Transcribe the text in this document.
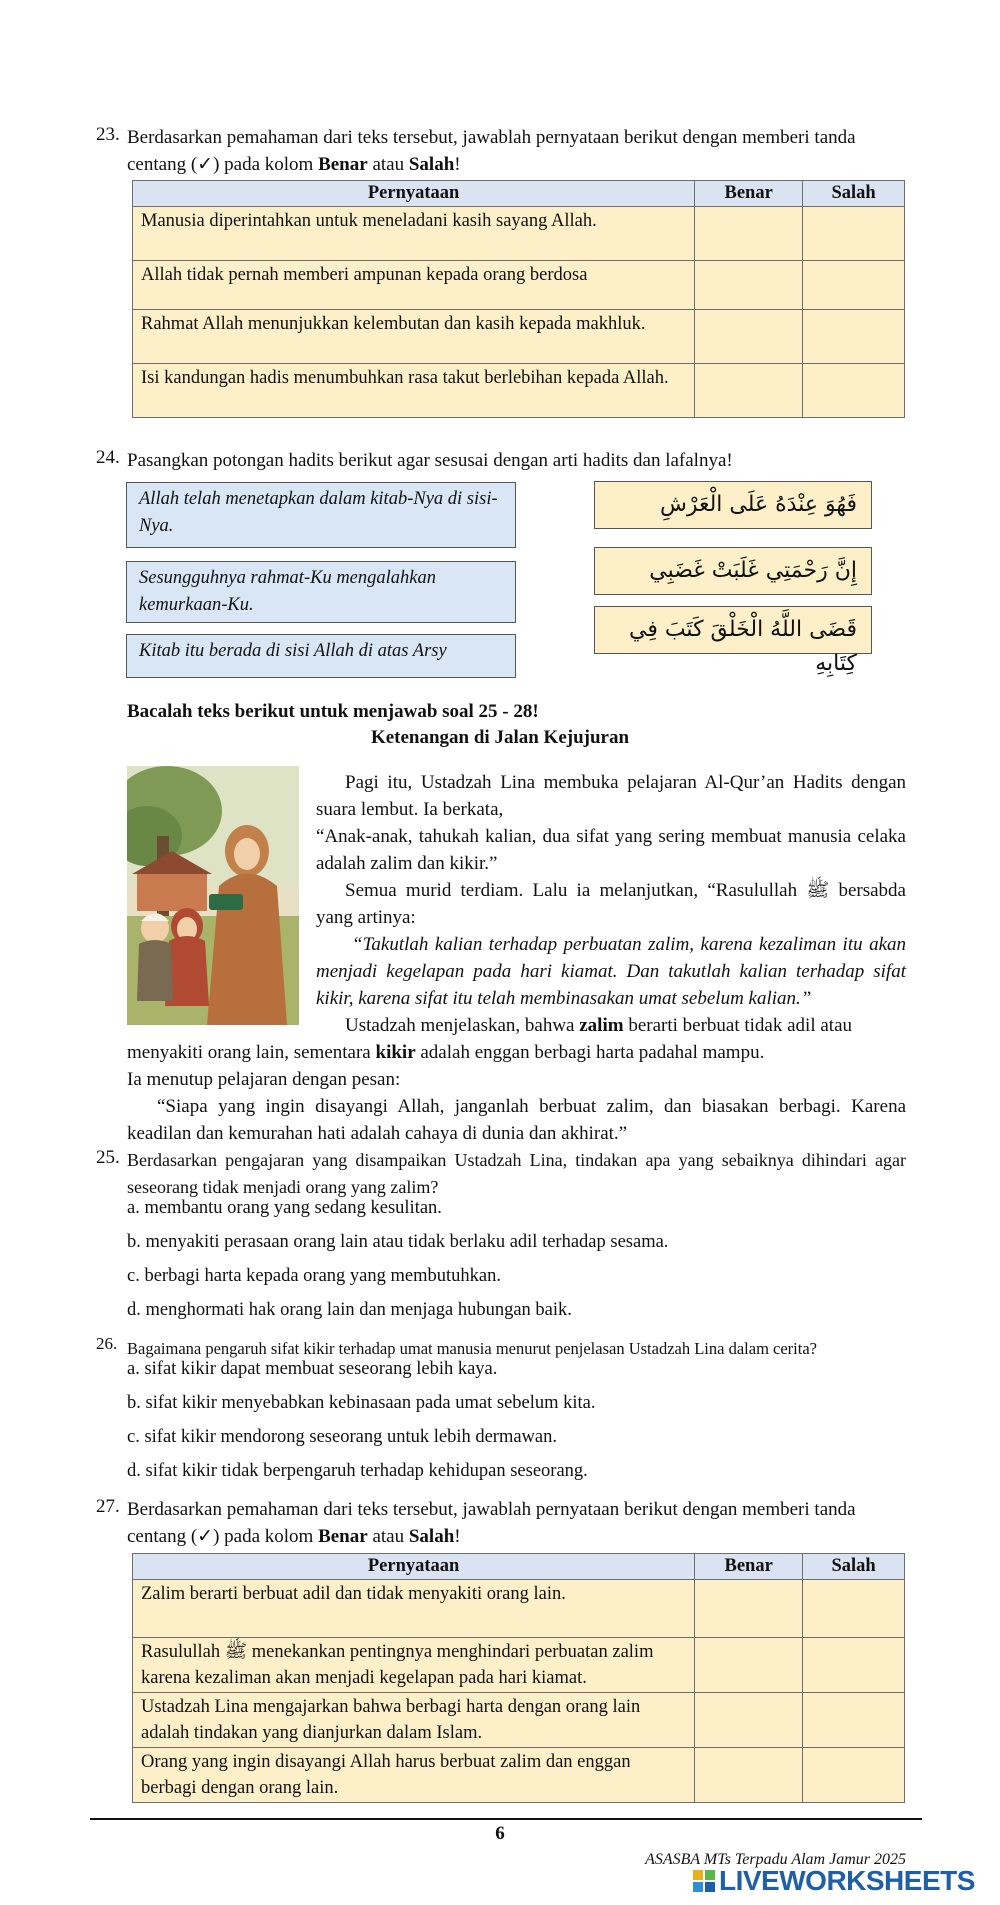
23. Berdasarkan pemahaman dari teks tersebut, jawablah pernyataan berikut dengan memberi tanda
centang (✓) pada kolom Benar atau Salah!
Pernyataan	Benar	Salah
Manusia diperintahkan untuk meneladani kasih sayang Allah.		
Allah tidak pernah memberi ampunan kepada orang berdosa		
Rahmat Allah menunjukkan kelembutan dan kasih kepada makhluk.		
Isi kandungan hadis menumbuhkan rasa takut berlebihan kepada Allah.		
24. Pasangkan potongan hadits berikut agar sesusai dengan arti hadits dan lafalnya!
Allah telah menetapkan dalam kitab-Nya di sisi-Nya.
Sesungguhnya rahmat-Ku mengalahkan kemurkaan-Ku.
Kitab itu berada di sisi Allah di atas Arsy
فَهُوَ عِنْدَهُ عَلَى الْعَرْشِ
إِنَّ رَحْمَتِي غَلَبَتْ غَضَبِي
قَضَى اللَّهُ الْخَلْقَ كَتَبَ فِي كِتَابِهِ
Bacalah teks berikut untuk menjawab soal 25 - 28!
Ketenangan di Jalan Kejujuran
Pagi itu, Ustadzah Lina membuka pelajaran Al-Qur’an Hadits dengan suara lembut. Ia berkata,
“Anak-anak, tahukah kalian, dua sifat yang sering membuat manusia celaka adalah zalim dan kikir.”
Semua murid terdiam. Lalu ia melanjutkan, “Rasulullah ﷺ bersabda yang artinya:
“Takutlah kalian terhadap perbuatan zalim, karena kezaliman itu akan menjadi kegelapan pada hari kiamat. Dan takutlah kalian terhadap sifat kikir, karena sifat itu telah membinasakan umat sebelum kalian.”
Ustadzah menjelaskan, bahwa zalim berarti berbuat tidak adil atau
menyakiti orang lain, sementara kikir adalah enggan berbagi harta padahal mampu.
Ia menutup pelajaran dengan pesan:
“Siapa yang ingin disayangi Allah, janganlah berbuat zalim, dan biasakan berbagi. Karena keadilan dan kemurahan hati adalah cahaya di dunia dan akhirat.”
25. Berdasarkan pengajaran yang disampaikan Ustadzah Lina, tindakan apa yang sebaiknya dihindari agar seseorang tidak menjadi orang yang zalim?
a. membantu orang yang sedang kesulitan.
b. menyakiti perasaan orang lain atau tidak berlaku adil terhadap sesama.
c. berbagi harta kepada orang yang membutuhkan.
d. menghormati hak orang lain dan menjaga hubungan baik.
26. Bagaimana pengaruh sifat kikir terhadap umat manusia menurut penjelasan Ustadzah Lina dalam cerita?
a. sifat kikir dapat membuat seseorang lebih kaya.
b. sifat kikir menyebabkan kebinasaan pada umat sebelum kita.
c. sifat kikir mendorong seseorang untuk lebih dermawan.
d. sifat kikir tidak berpengaruh terhadap kehidupan seseorang.
27. Berdasarkan pemahaman dari teks tersebut, jawablah pernyataan berikut dengan memberi tanda
centang (✓) pada kolom Benar atau Salah!
Pernyataan	Benar	Salah
Zalim berarti berbuat adil dan tidak menyakiti orang lain.		
Rasulullah ﷺ menekankan pentingnya menghindari perbuatan zalim karena kezaliman akan menjadi kegelapan pada hari kiamat.		
Ustadzah Lina mengajarkan bahwa berbagi harta dengan orang lain adalah tindakan yang dianjurkan dalam Islam.		
Orang yang ingin disayangi Allah harus berbuat zalim dan enggan berbagi dengan orang lain.		
6
ASASBA MTs Terpadu Alam Jamur 2025
LIVEWORKSHEETS
